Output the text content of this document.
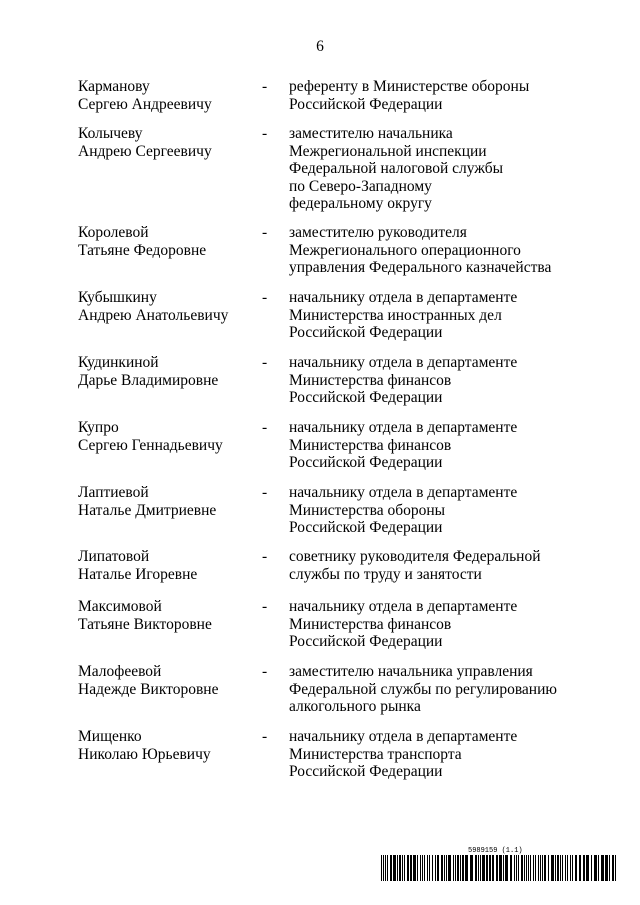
6
Карманову
Сергею Андреевичу
-	референту в Министерстве обороны
Российской Федерации
Колычеву
Андрею Сергеевичу
-	заместителю начальника
Межрегиональной инспекции
Федеральной налоговой службы
по Северо-Западному
федеральному округу
Королевой
Татьяне Федоровне
-	заместителю руководителя
Межрегионального операционного
управления Федерального казначейства
Кубышкину
Андрею Анатольевичу
-	начальнику отдела в департаменте
Министерства иностранных дел
Российской Федерации
Кудинкиной
Дарье Владимировне
-	начальнику отдела в департаменте
Министерства финансов
Российской Федерации
Купро
Сергею Геннадьевичу
-	начальнику отдела в департаменте
Министерства финансов
Российской Федерации
Лаптиевой
Наталье Дмитриевне
-	начальнику отдела в департаменте
Министерства обороны
Российской Федерации
Липатовой
Наталье Игоревне
-	советнику руководителя Федеральной
службы по труду и занятости
Максимовой
Татьяне Викторовне
-	начальнику отдела в департаменте
Министерства финансов
Российской Федерации
Малофеевой
Надежде Викторовне
-	заместителю начальника управления
Федеральной службы по регулированию
алкогольного рынка
Мищенко
Николаю Юрьевичу
-	начальнику отдела в департаменте
Министерства транспорта
Российской Федерации
5989159 (1.1)
